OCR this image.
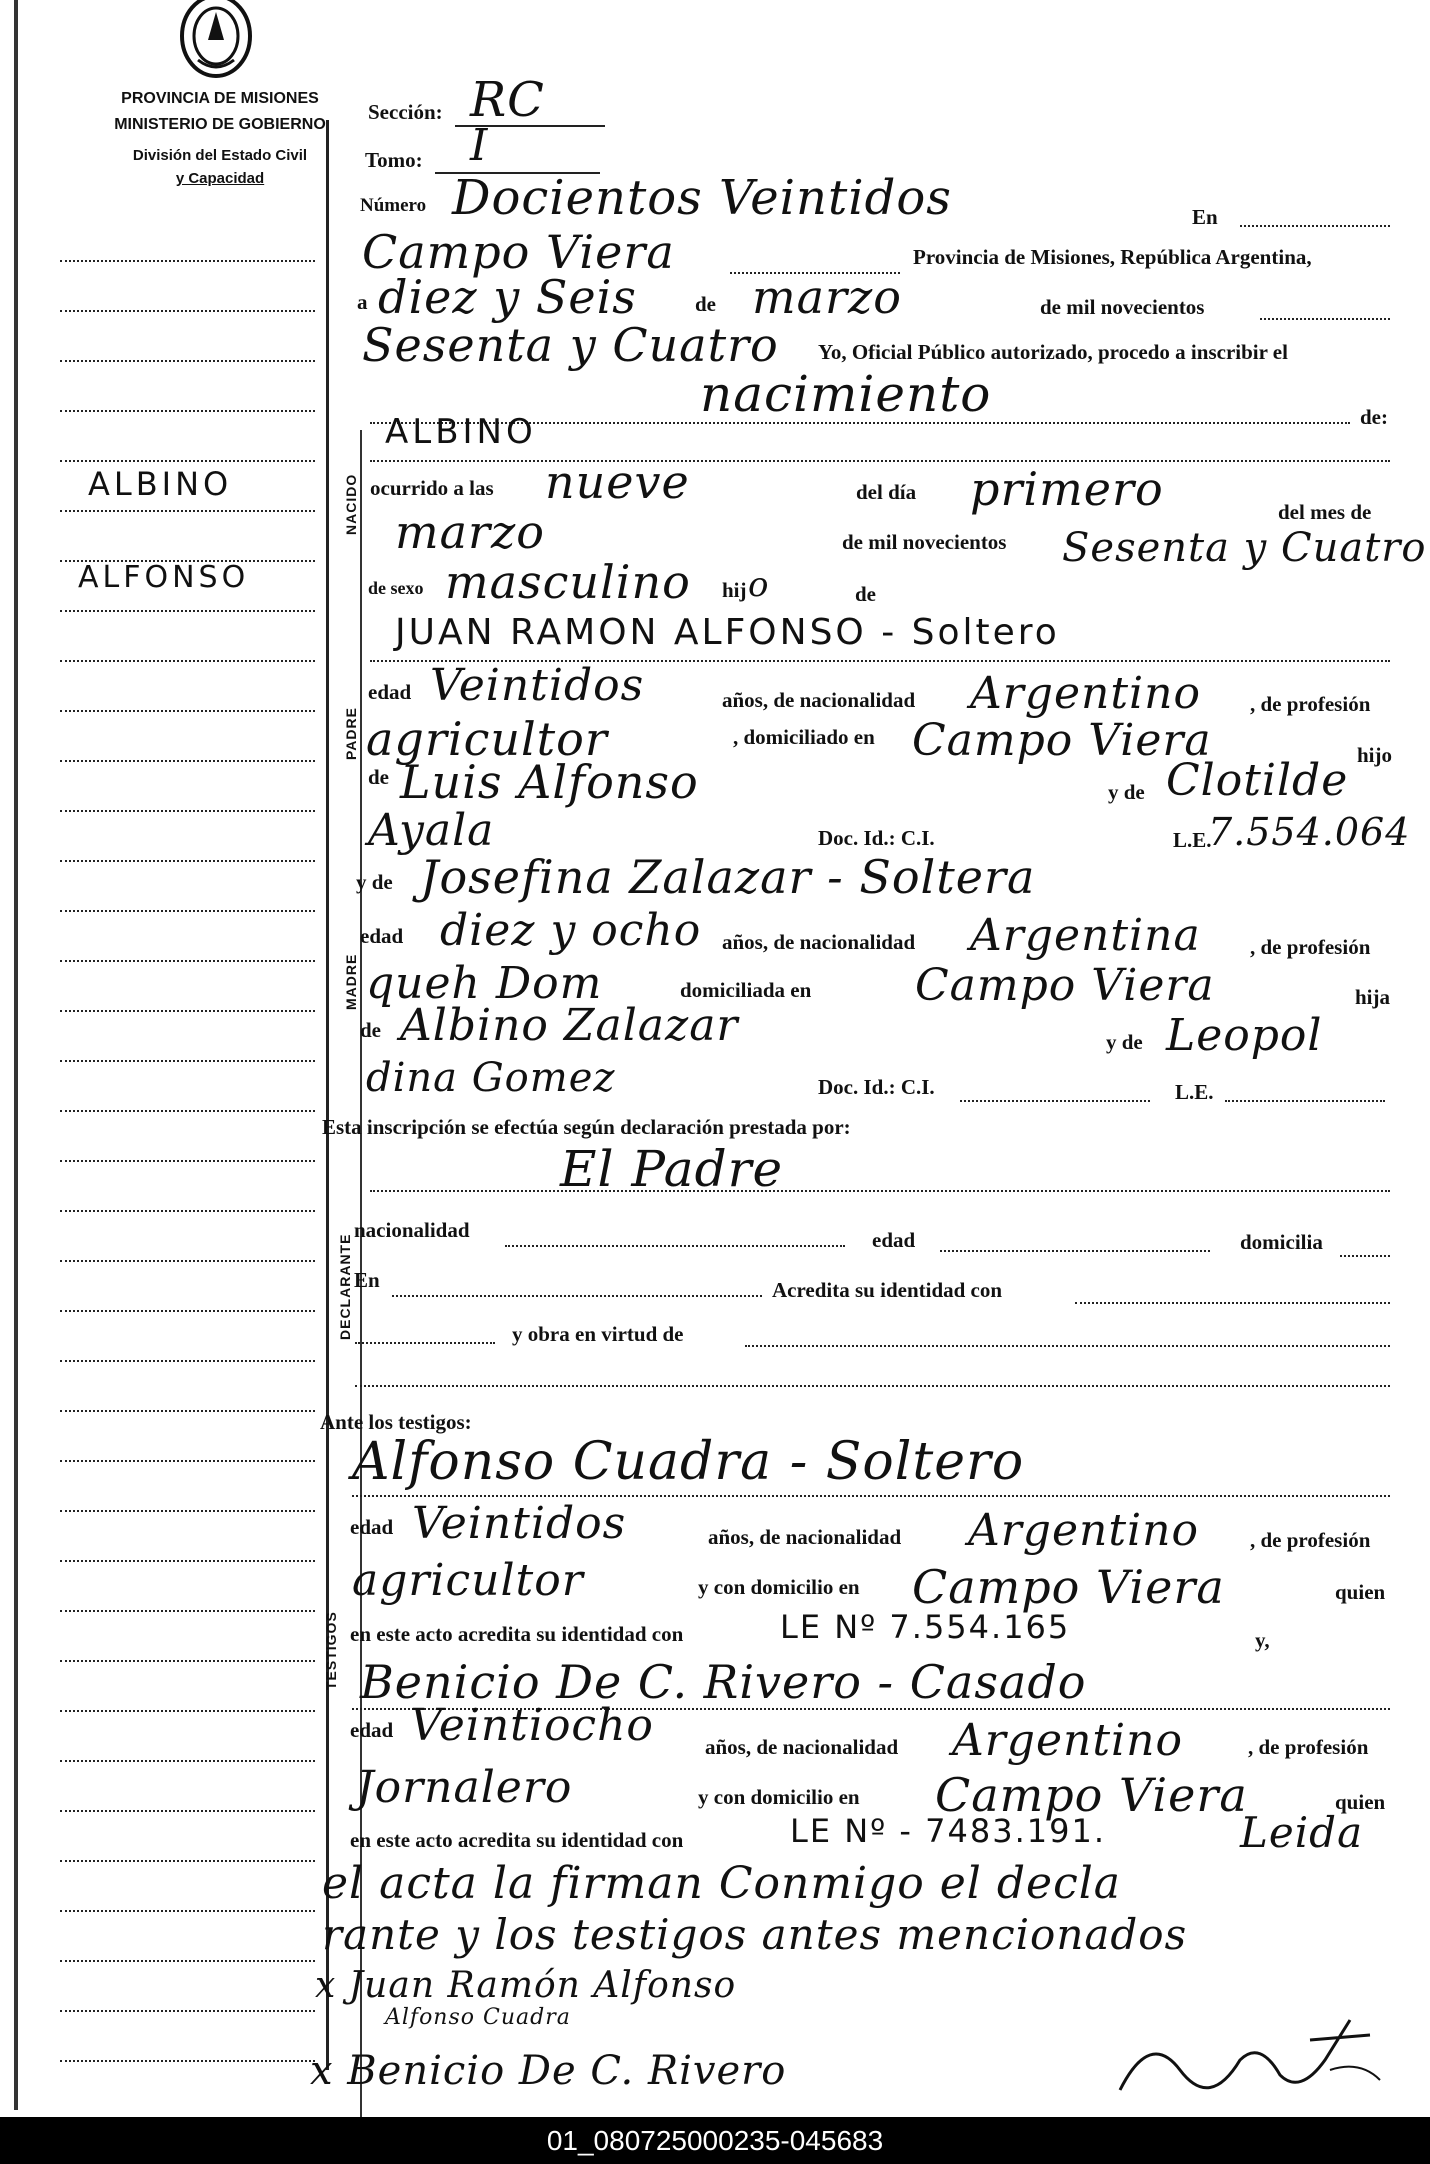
PROVINCIA DE MISIONES
MINISTERIO DE GOBIERNO
División del Estado Civil
y Capacidad
ALBINO
ALFONSO
NACIDO
PADRE
MADRE
DECLARANTE
TESTIGOS
Sección: RC
Tomo: I
Número Docientos Veintidos	En
Campo Viera	Provincia de Misiones, República Argentina,
a diez y Seis	de marzo	de mil novecientos
Sesenta y Cuatro Yo, Oficial Público autorizado, procedo a inscribir el
nacimiento	de:
ALBINO
ocurrido a las nueve	del día primero	del mes de
marzo	de mil novecientos Sesenta y Cuatro
de sexo masculino hij o	de
JUAN RAMON ALFONSO - Soltero
edad Veintidos	años, de nacionalidad Argentino , de profesión
agricultor	, domiciliado en Campo Viera	hijo
de Luis Alfonso	y de Clotilde
Ayala	Doc. Id.: C.I.	L.E.
7.554.064
y de Josefina Zalazar - Soltera
edad diez y ocho años, de nacionalidad Argentina , de profesión
queh Dom	domiciliada en Campo Viera	hija
de Albino Zalazar	y de Leopol
dina Gomez	Doc. Id.: C.I.	L.E.
Esta inscripción se efectúa según declaración prestada por:
El Padre
nacionalidad	edad	domicilia
En	Acredita su identidad con
y obra en virtud de
Ante los testigos:
Alfonso Cuadra - Soltero
edad Veintidos	años, de nacionalidad Argentino , de profesión
agricultor	y con domicilio en Campo Viera	quien
en este acto acredita su identidad con	LE Nº 7.554.165	y,
Benicio De C. Rivero - Casado
edad Veintiocho años, de nacionalidad Argentino	, de profesión
Jornalero	y con domicilio en Campo Viera	quien
en este acto acredita su identidad con	LE Nº - 7483.191.	Leida
el acta la firman Conmigo el decla
rante y los testigos antes mencionados
x Juan Ramón Alfonso
Alfonso Cuadra
x Benicio De C. Rivero
01_080725000235-045683
